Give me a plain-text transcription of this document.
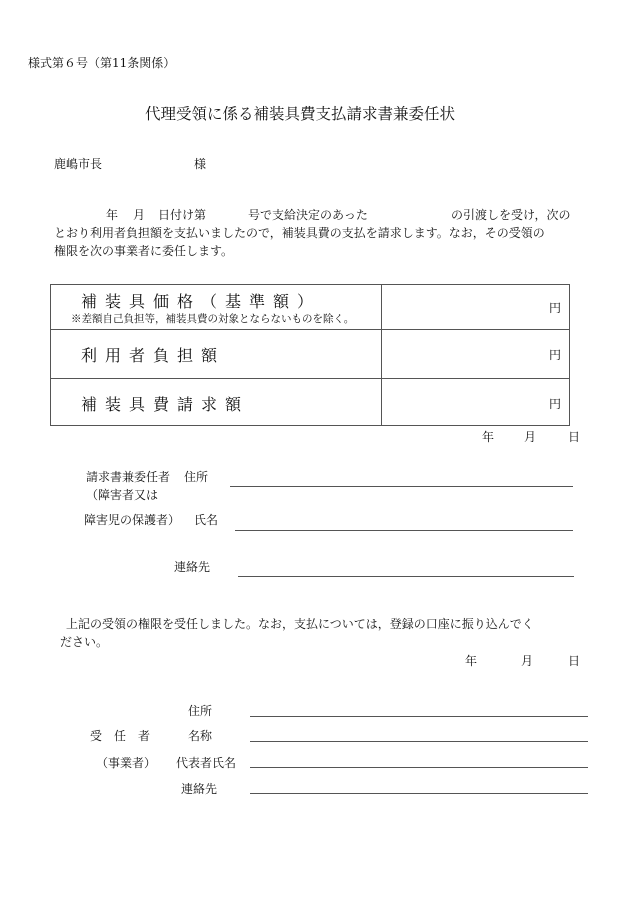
様式第６号（第11条関係）
代理受領に係る補装具費支払請求書兼委任状
鹿嶋市長	様
年 月 日付け第	号で支給決定のあった	の引渡しを受け，次の
とおり利用者負担額を支払いましたので，補装具費の支払を請求します。なお，その受領の
権限を次の事業者に委任します。
補装具価格（基準額）
※差額自己負担等，補装具費の対象とならないものを除く。
円
利用者負担額	円
補装具費請求額	円
年 月	日
請求書兼委任者 住所
（障害者又は
障害児の保護者） 氏名
連絡先
上記の受領の権限を受任しました。なお，支払については，登録の口座に振り込んでく
ださい。
年	月	日
住所
受　任　者	名称
（事業者） 代表者氏名
連絡先
